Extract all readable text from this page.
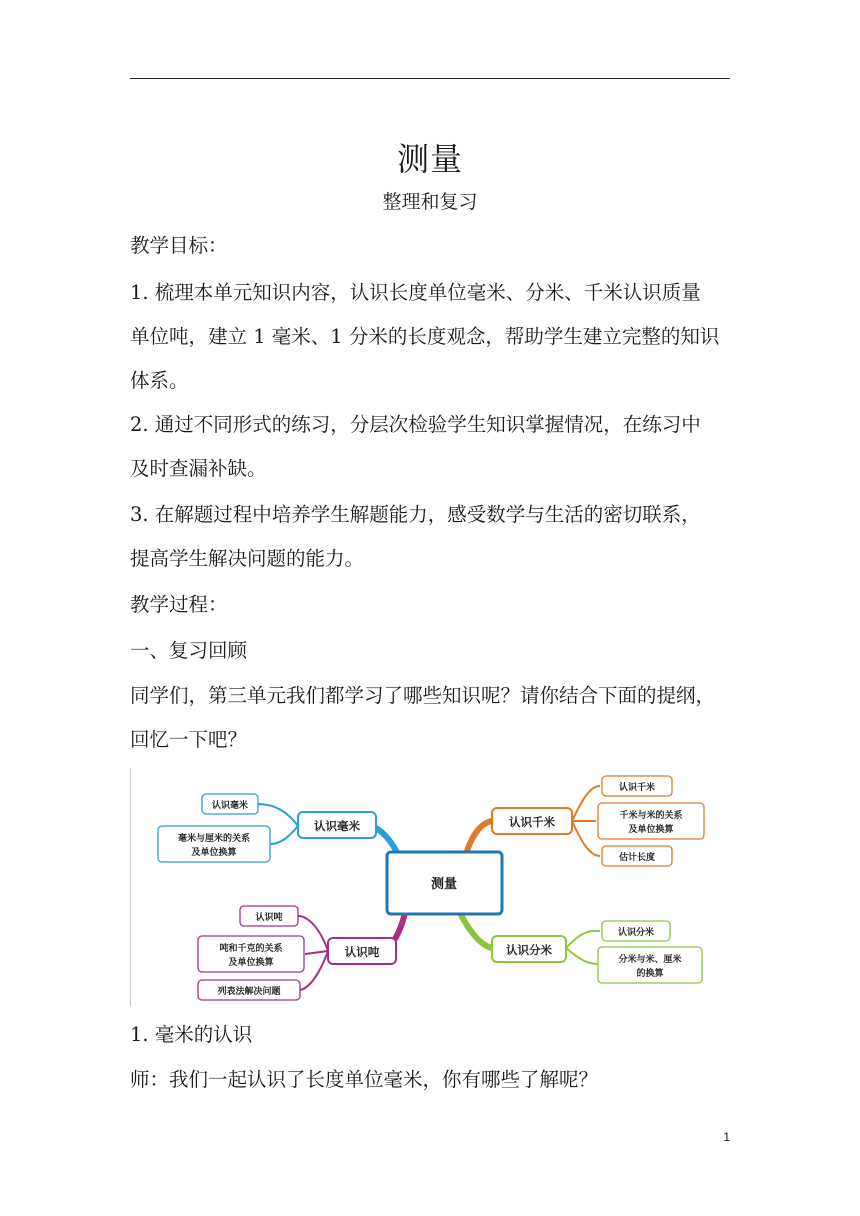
测量
整理和复习
教学目标：
1. 梳理本单元知识内容，认识长度单位毫米、分米、千米认识质量
单位吨，建立 1 毫米、1 分米的长度观念，帮助学生建立完整的知识
体系。
2. 通过不同形式的练习，分层次检验学生知识掌握情况，在练习中
及时查漏补缺。
3. 在解题过程中培养学生解题能力，感受数学与生活的密切联系，
提高学生解决问题的能力。
教学过程：
一、复习回顾
同学们，第三单元我们都学习了哪些知识呢？请你结合下面的提纲，
回忆一下吧？
测量
认识毫米
认识毫米
毫米与厘米的关系
及单位换算
认识千米
认识千米
千米与米的关系
及单位换算
估计长度
认识吨
认识吨
吨和千克的关系
及单位换算
列表法解决问题
认识分米
认识分米
分米与米、厘米
的换算
1. 毫米的认识
师：我们一起认识了长度单位毫米，你有哪些了解呢？
1
